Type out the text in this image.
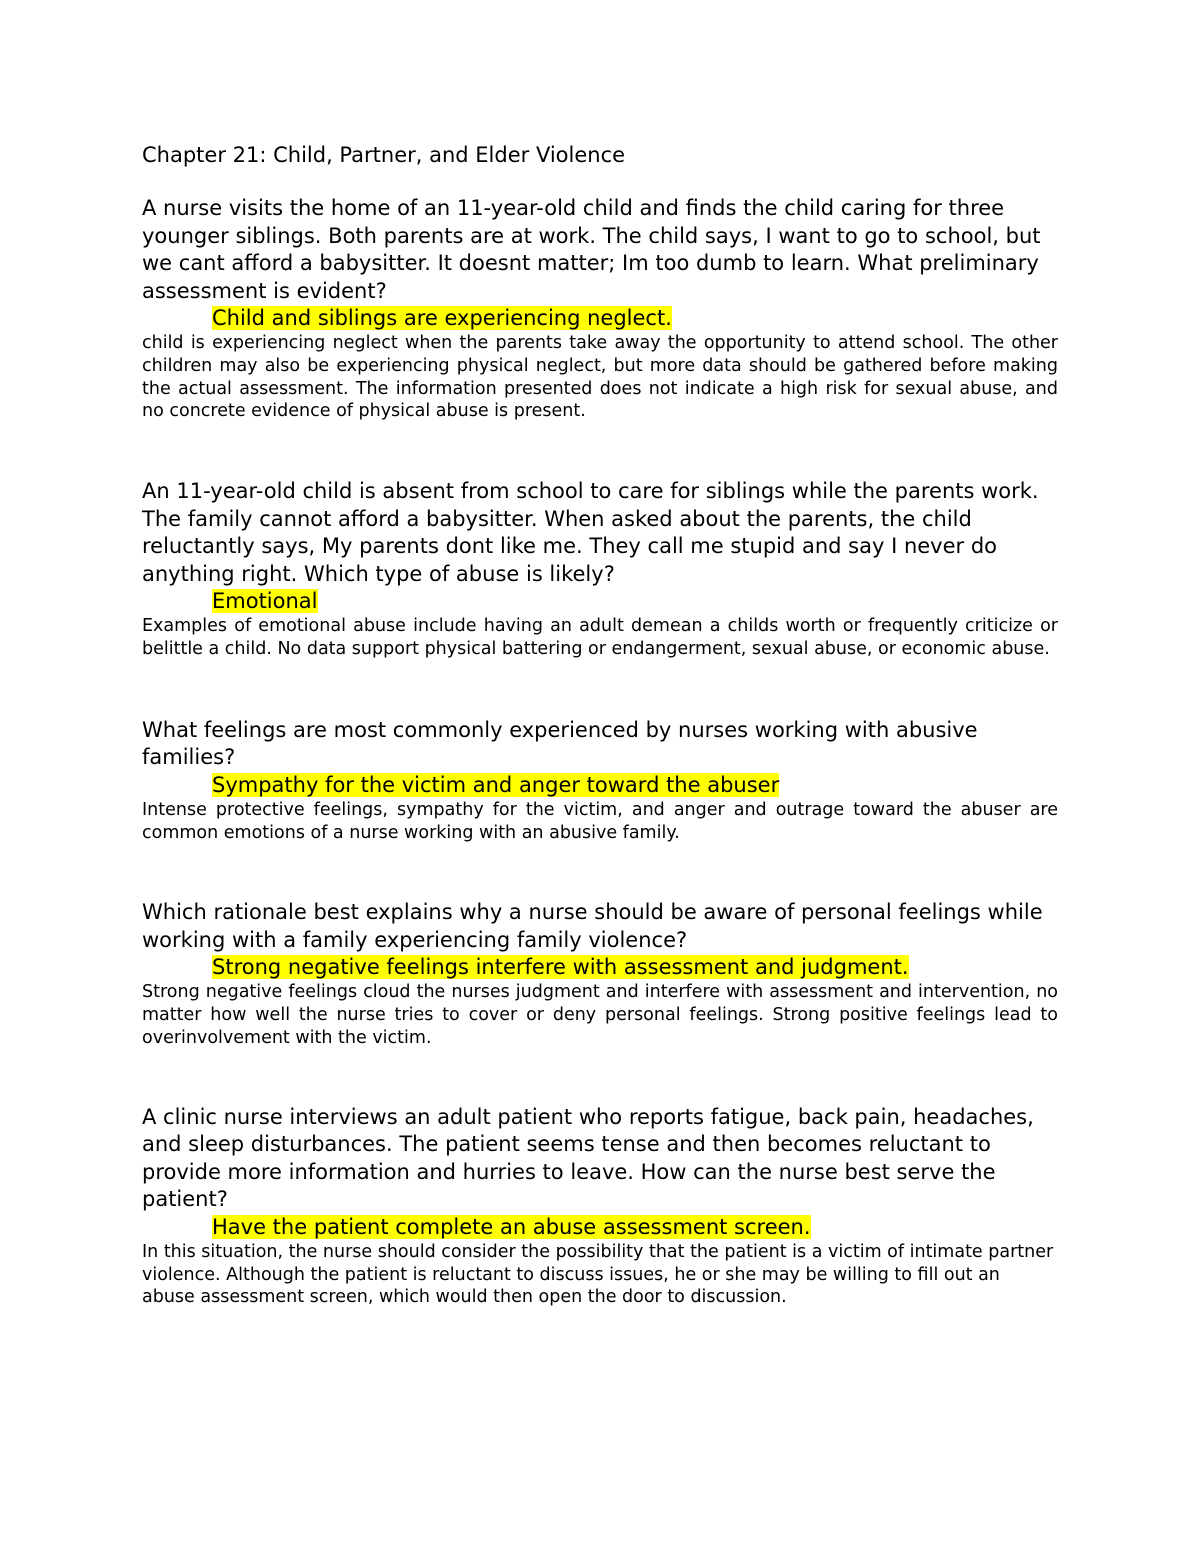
Chapter 21: Child, Partner, and Elder Violence

A nurse visits the home of an 11-year-old child and finds the child caring for three younger siblings. Both parents are at work. The child says, I want to go to school, but we cant afford a babysitter. It doesnt matter; Im too dumb to learn. What preliminary assessment is evident?

Child and siblings are experiencing neglect.

child is experiencing neglect when the parents take away the opportunity to attend school. The other children may also be experiencing physical neglect, but more data should be gathered before making the actual assessment. The information presented does not indicate a high risk for sexual abuse, and no concrete evidence of physical abuse is present.

An 11-year-old child is absent from school to care for siblings while the parents work. The family cannot afford a babysitter. When asked about the parents, the child reluctantly says, My parents dont like me. They call me stupid and say I never do anything right. Which type of abuse is likely?

Emotional

Examples of emotional abuse include having an adult demean a childs worth or frequently criticize or belittle a child. No data support physical battering or endangerment, sexual abuse, or economic abuse.

What feelings are most commonly experienced by nurses working with abusive families?

Sympathy for the victim and anger toward the abuser

Intense protective feelings, sympathy for the victim, and anger and outrage toward the abuser are common emotions of a nurse working with an abusive family.

Which rationale best explains why a nurse should be aware of personal feelings while working with a family experiencing family violence?

Strong negative feelings interfere with assessment and judgment.

Strong negative feelings cloud the nurses judgment and interfere with assessment and intervention, no matter how well the nurse tries to cover or deny personal feelings. Strong positive feelings lead to overinvolvement with the victim.

A clinic nurse interviews an adult patient who reports fatigue, back pain, headaches, and sleep disturbances. The patient seems tense and then becomes reluctant to provide more information and hurries to leave. How can the nurse best serve the patient?

Have the patient complete an abuse assessment screen.

In this situation, the nurse should consider the possibility that the patient is a victim of intimate partner violence. Although the patient is reluctant to discuss issues, he or she may be willing to fill out an abuse assessment screen, which would then open the door to discussion.
